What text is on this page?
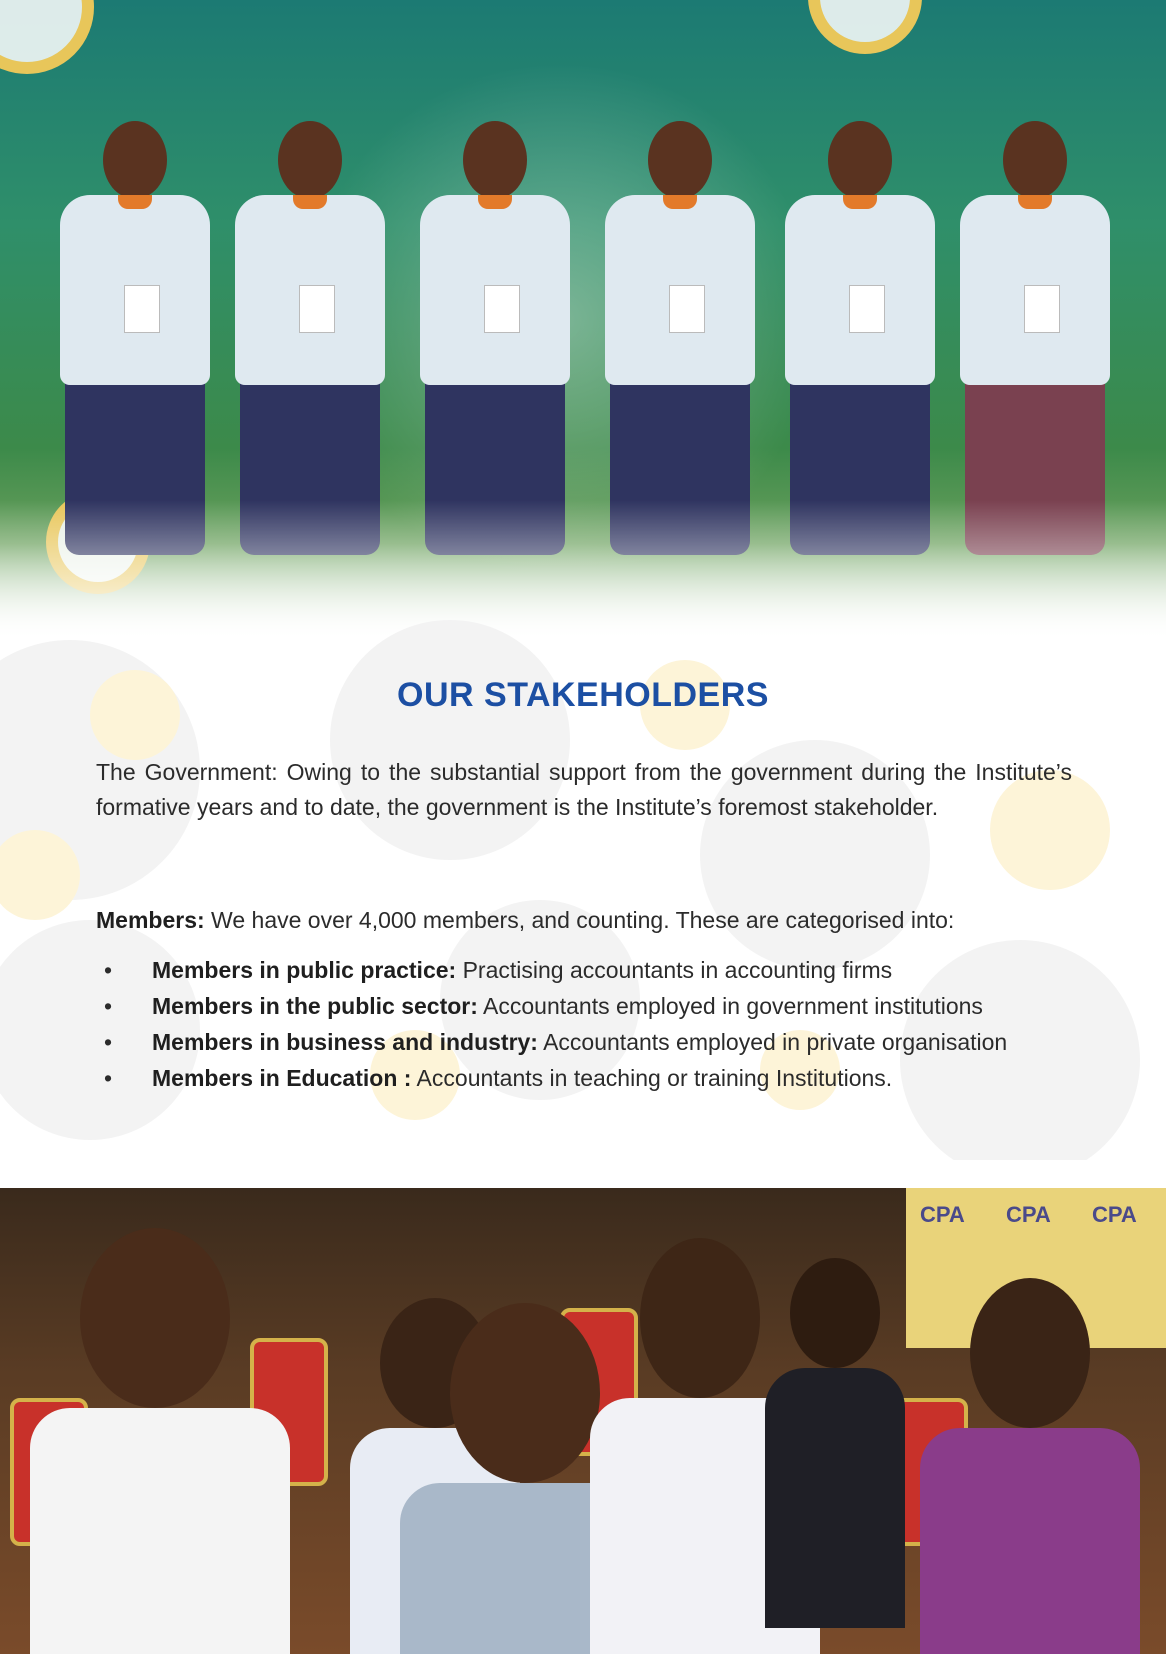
OUR STAKEHOLDERS
The Government: Owing to the substantial support from the government during the Institute’s formative years and to date, the government is the Institute’s foremost stakeholder.
Members: We have over 4,000 members, and counting. These are categorised into:
• Members in public practice: Practising accountants in accounting firms
• Members in the public sector: Accountants employed in government institutions
• Members in business and industry: Accountants employed in private organisation
• Members in Education : Accountants in teaching or training Institutions.
CPA CPA CPA
